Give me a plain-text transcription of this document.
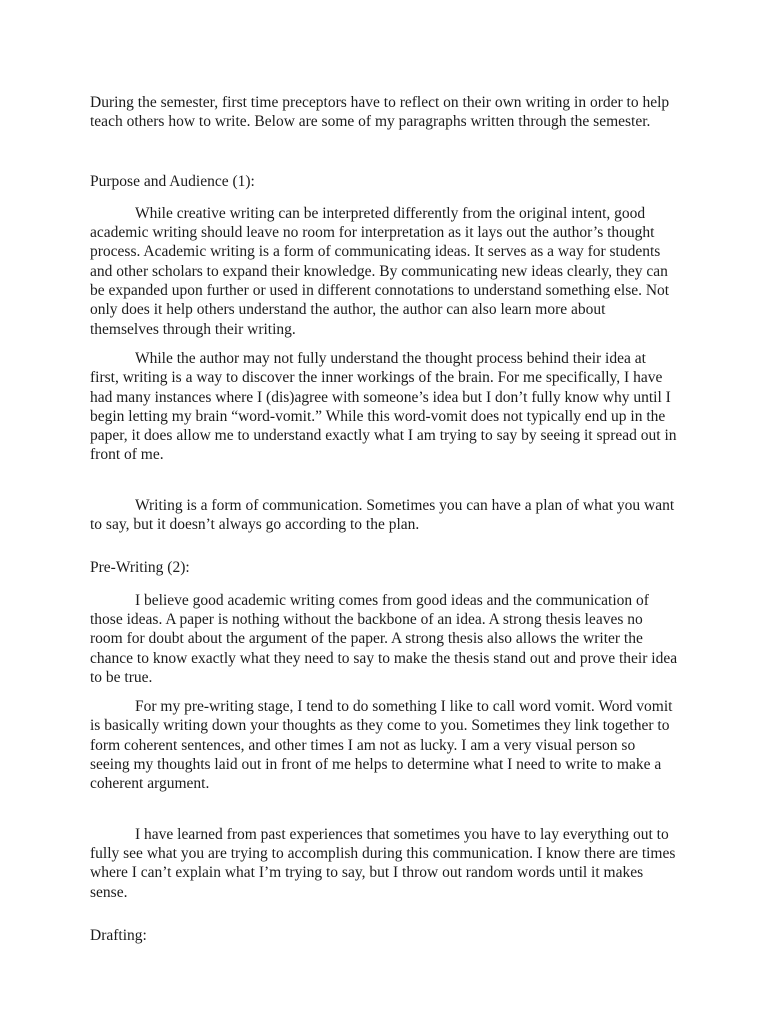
During the semester, first time preceptors have to reflect on their own writing in order to help teach others how to write. Below are some of my paragraphs written through the semester.

Purpose and Audience (1):

While creative writing can be interpreted differently from the original intent, good academic writing should leave no room for interpretation as it lays out the author’s thought process. Academic writing is a form of communicating ideas. It serves as a way for students and other scholars to expand their knowledge. By communicating new ideas clearly, they can be expanded upon further or used in different connotations to understand something else. Not only does it help others understand the author, the author can also learn more about themselves through their writing.

While the author may not fully understand the thought process behind their idea at first, writing is a way to discover the inner workings of the brain. For me specifically, I have had many instances where I (dis)agree with someone’s idea but I don’t fully know why until I begin letting my brain “word-vomit.” While this word-vomit does not typically end up in the paper, it does allow me to understand exactly what I am trying to say by seeing it spread out in front of me.

Writing is a form of communication. Sometimes you can have a plan of what you want to say, but it doesn’t always go according to the plan.

Pre-Writing (2):

I believe good academic writing comes from good ideas and the communication of those ideas. A paper is nothing without the backbone of an idea. A strong thesis leaves no room for doubt about the argument of the paper. A strong thesis also allows the writer the chance to know exactly what they need to say to make the thesis stand out and prove their idea to be true.

For my pre-writing stage, I tend to do something I like to call word vomit. Word vomit is basically writing down your thoughts as they come to you. Sometimes they link together to form coherent sentences, and other times I am not as lucky. I am a very visual person so seeing my thoughts laid out in front of me helps to determine what I need to write to make a coherent argument.

I have learned from past experiences that sometimes you have to lay everything out to fully see what you are trying to accomplish during this communication. I know there are times where I can’t explain what I’m trying to say, but I throw out random words until it makes sense.

Drafting:
